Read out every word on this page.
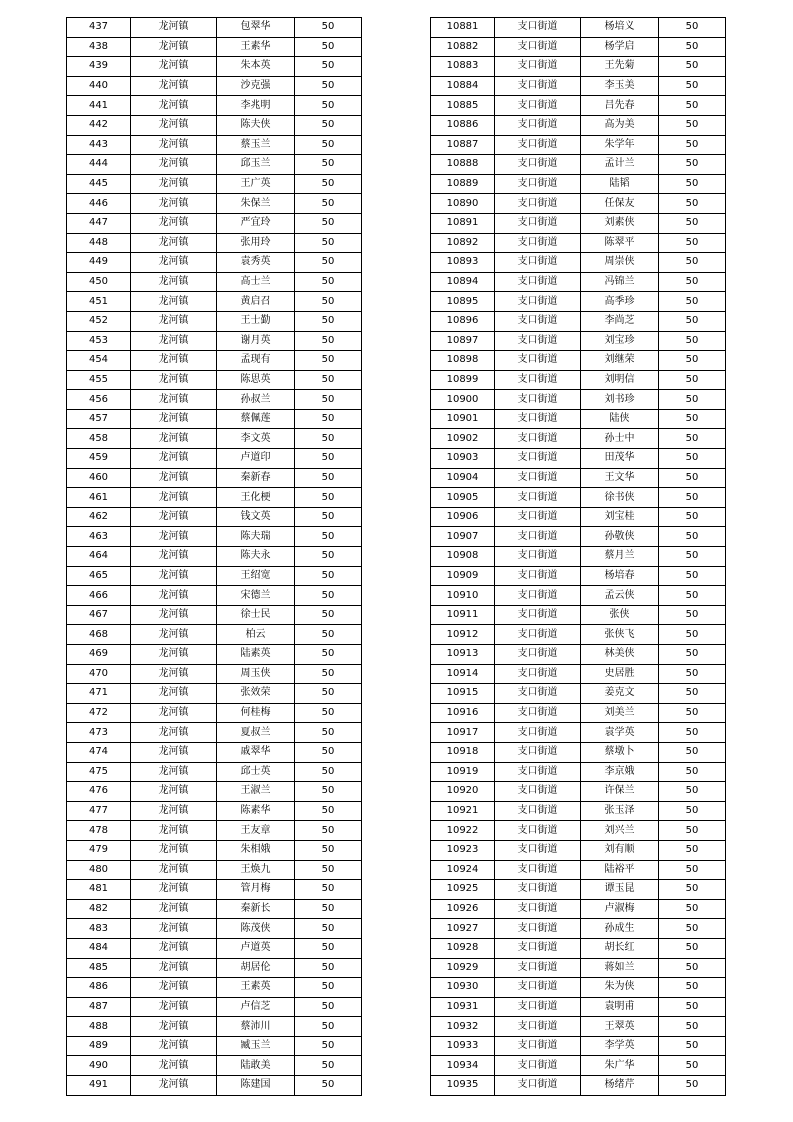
437	龙河镇	包翠华	50
438	龙河镇	王素华	50
439	龙河镇	朱本英	50
440	龙河镇	沙克强	50
441	龙河镇	李兆明	50
442	龙河镇	陈夫侠	50
443	龙河镇	蔡玉兰	50
444	龙河镇	邱玉兰	50
445	龙河镇	王广英	50
446	龙河镇	朱保兰	50
447	龙河镇	严宜玲	50
448	龙河镇	张用玲	50
449	龙河镇	袁秀英	50
450	龙河镇	高士兰	50
451	龙河镇	黄启召	50
452	龙河镇	王士勤	50
453	龙河镇	谢月英	50
454	龙河镇	孟现有	50
455	龙河镇	陈思英	50
456	龙河镇	孙叔兰	50
457	龙河镇	蔡佩莲	50
458	龙河镇	李文英	50
459	龙河镇	卢道印	50
460	龙河镇	秦新春	50
461	龙河镇	王化梗	50
462	龙河镇	钱文英	50
463	龙河镇	陈夫瑞	50
464	龙河镇	陈夫永	50
465	龙河镇	王绍宽	50
466	龙河镇	宋德兰	50
467	龙河镇	徐士民	50
468	龙河镇	柏云	50
469	龙河镇	陆素英	50
470	龙河镇	周玉侠	50
471	龙河镇	张效荣	50
472	龙河镇	何桂梅	50
473	龙河镇	夏叔兰	50
474	龙河镇	戚翠华	50
475	龙河镇	邱士英	50
476	龙河镇	王淑兰	50
477	龙河镇	陈素华	50
478	龙河镇	王友章	50
479	龙河镇	朱相娥	50
480	龙河镇	王焕九	50
481	龙河镇	管月梅	50
482	龙河镇	秦新长	50
483	龙河镇	陈茂侠	50
484	龙河镇	卢道英	50
485	龙河镇	胡居伦	50
486	龙河镇	王素英	50
487	龙河镇	卢信芝	50
488	龙河镇	蔡沛川	50
489	龙河镇	臧玉兰	50
490	龙河镇	陆敢美	50
491	龙河镇	陈建国	50
10881	支口街道	杨培义	50
10882	支口街道	杨学启	50
10883	支口街道	王先菊	50
10884	支口街道	李玉美	50
10885	支口街道	吕先春	50
10886	支口街道	高为美	50
10887	支口街道	朱学年	50
10888	支口街道	孟计兰	50
10889	支口街道	陆韬	50
10890	支口街道	任保友	50
10891	支口街道	刘素侠	50
10892	支口街道	陈翠平	50
10893	支口街道	周崇侠	50
10894	支口街道	冯锦兰	50
10895	支口街道	高季珍	50
10896	支口街道	李尚芝	50
10897	支口街道	刘宝珍	50
10898	支口街道	刘继荣	50
10899	支口街道	刘明信	50
10900	支口街道	刘书珍	50
10901	支口街道	陆侠	50
10902	支口街道	孙士中	50
10903	支口街道	田茂华	50
10904	支口街道	王文华	50
10905	支口街道	徐书侠	50
10906	支口街道	刘宝桂	50
10907	支口街道	孙敬侠	50
10908	支口街道	蔡月兰	50
10909	支口街道	杨培春	50
10910	支口街道	孟云侠	50
10911	支口街道	张侠	50
10912	支口街道	张侠飞	50
10913	支口街道	林美侠	50
10914	支口街道	史居胜	50
10915	支口街道	姜克文	50
10916	支口街道	刘美兰	50
10917	支口街道	袁学英	50
10918	支口街道	蔡墩卜	50
10919	支口街道	李京娥	50
10920	支口街道	许保兰	50
10921	支口街道	张玉泽	50
10922	支口街道	刘兴兰	50
10923	支口街道	刘有顺	50
10924	支口街道	陆裕平	50
10925	支口街道	谭玉昆	50
10926	支口街道	卢淑梅	50
10927	支口街道	孙成生	50
10928	支口街道	胡长红	50
10929	支口街道	蒋如兰	50
10930	支口街道	朱为侠	50
10931	支口街道	袁明甫	50
10932	支口街道	王翠英	50
10933	支口街道	李学英	50
10934	支口街道	朱广华	50
10935	支口街道	杨绪芹	50
